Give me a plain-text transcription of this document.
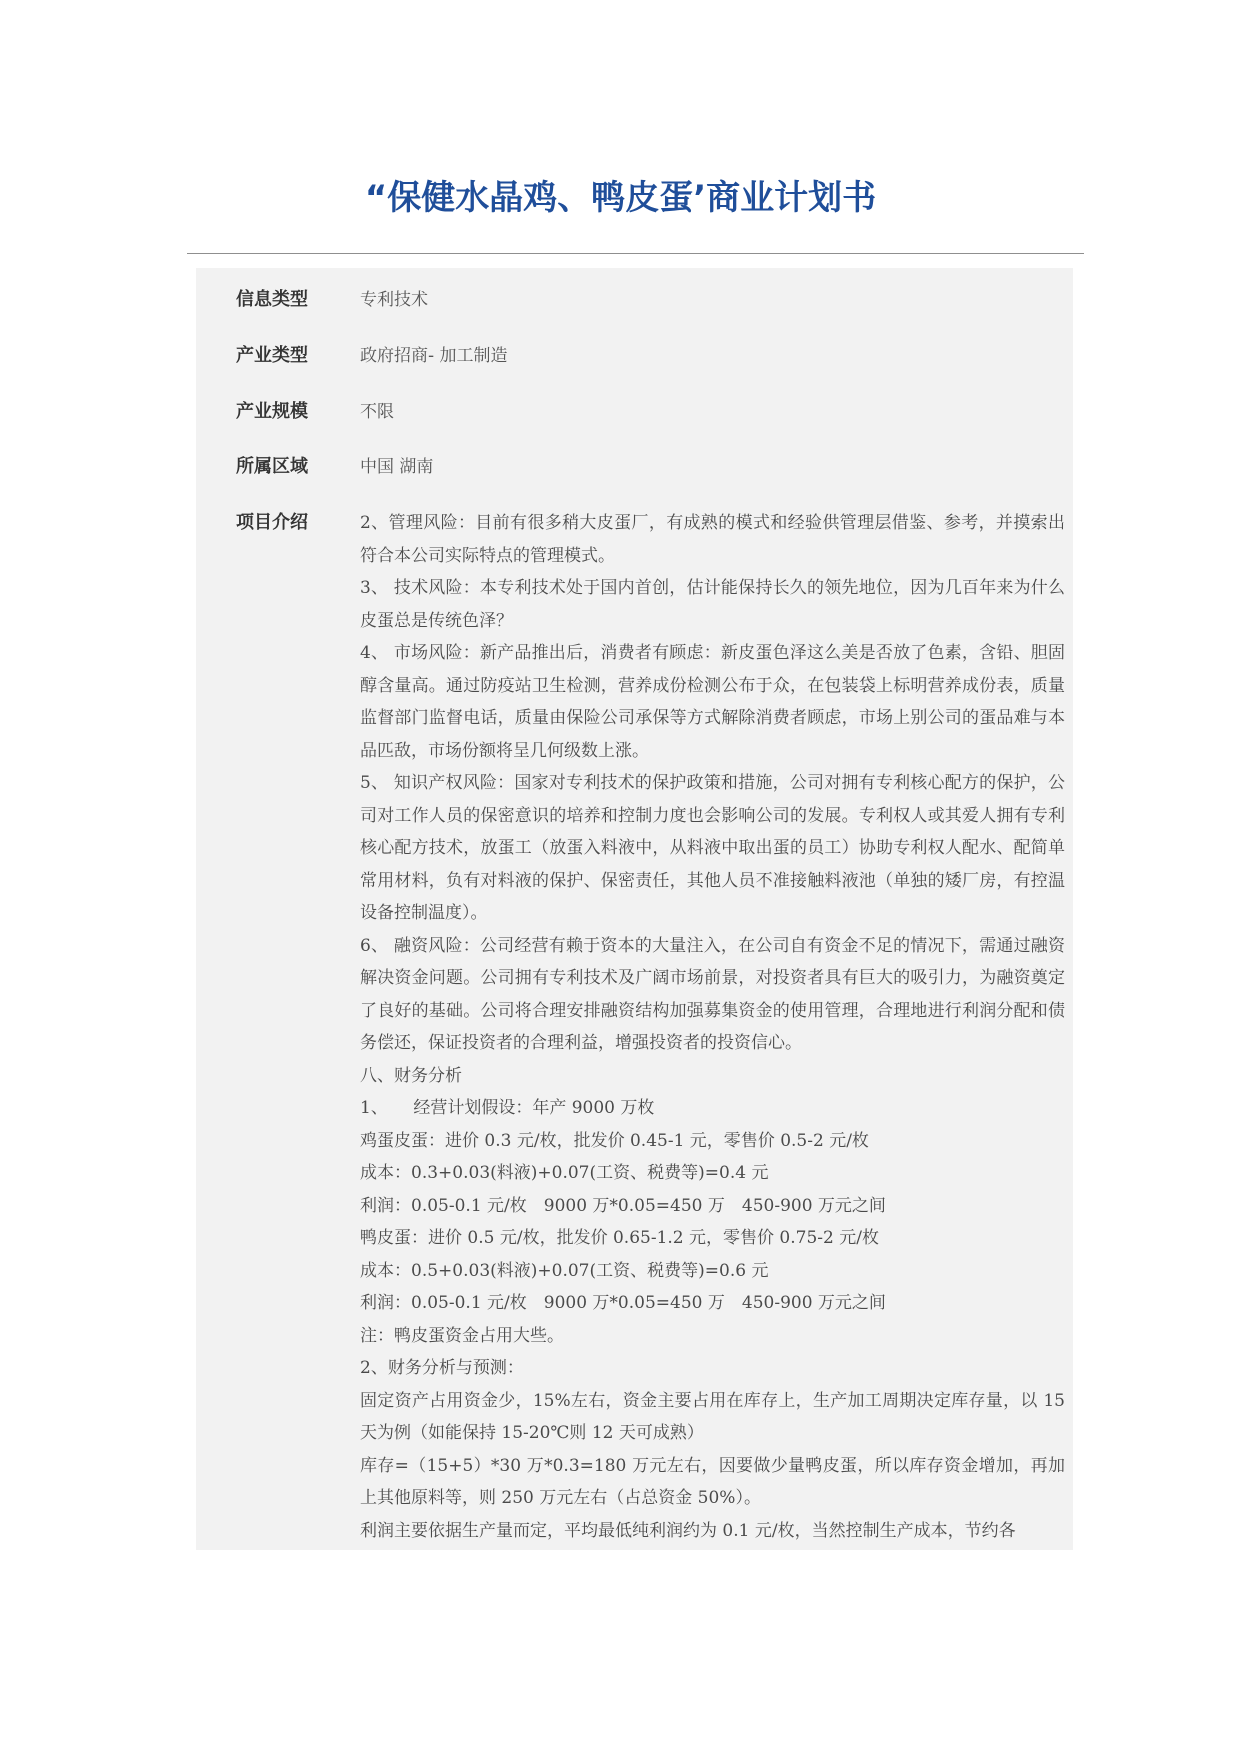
“保健水晶鸡、鸭皮蛋’商业计划书
信息类型	专利技术
产业类型	政府招商- 加工制造
产业规模	不限
所属区域	中国 湖南
项目介绍	2、管理风险：目前有很多稍大皮蛋厂，有成熟的模式和经验供管理层借鉴、参考，并摸索出符合本公司实际特点的管理模式。

3、 技术风险：本专利技术处于国内首创，估计能保持长久的领先地位，因为几百年来为什么皮蛋总是传统色泽？

4、 市场风险：新产品推出后，消费者有顾虑：新皮蛋色泽这么美是否放了色素，含铅、胆固醇含量高。通过防疫站卫生检测，营养成份检测公布于众，在包装袋上标明营养成份表，质量监督部门监督电话，质量由保险公司承保等方式解除消费者顾虑，市场上别公司的蛋品难与本品匹敌，市场份额将呈几何级数上涨。

5、 知识产权风险：国家对专利技术的保护政策和措施，公司对拥有专利核心配方的保护，公司对工作人员的保密意识的培养和控制力度也会影响公司的发展。专利权人或其爱人拥有专利核心配方技术，放蛋工（放蛋入料液中，从料液中取出蛋的员工）协助专利权人配水、配简单常用材料，负有对料液的保护、保密责任，其他人员不准接触料液池（单独的矮厂房，有控温设备控制温度）。

6、 融资风险：公司经营有赖于资本的大量注入，在公司自有资金不足的情况下，需通过融资解决资金问题。公司拥有专利技术及广阔市场前景，对投资者具有巨大的吸引力，为融资奠定了良好的基础。公司将合理安排融资结构加强募集资金的使用管理，合理地进行利润分配和债务偿还，保证投资者的合理利益，增强投资者的投资信心。

八、财务分析

1、　　经营计划假设：年产 9000 万枚

鸡蛋皮蛋：进价 0.3 元/枚，批发价 0.45-1 元，零售价 0.5-2 元/枚

成本：0.3+0.03(料液)+0.07(工资、税费等)=0.4 元

利润：0.05-0.1 元/枚　9000 万*0.05=450 万　450-900 万元之间

鸭皮蛋：进价 0.5 元/枚，批发价 0.65-1.2 元，零售价 0.75-2 元/枚

成本：0.5+0.03(料液)+0.07(工资、税费等)=0.6 元

利润：0.05-0.1 元/枚　9000 万*0.05=450 万　450-900 万元之间

注：鸭皮蛋资金占用大些。

2、财务分析与预测：

固定资产占用资金少，15%左右，资金主要占用在库存上，生产加工周期决定库存量，以 15 天为例（如能保持 15-20℃则 12 天可成熟）

库存=（15+5）*30 万*0.3=180 万元左右，因要做少量鸭皮蛋，所以库存资金增加，再加上其他原料等，则 250 万元左右（占总资金 50%）。

利润主要依据生产量而定，平均最低纯利润约为 0.1 元/枚，当然控制生产成本，节约各
